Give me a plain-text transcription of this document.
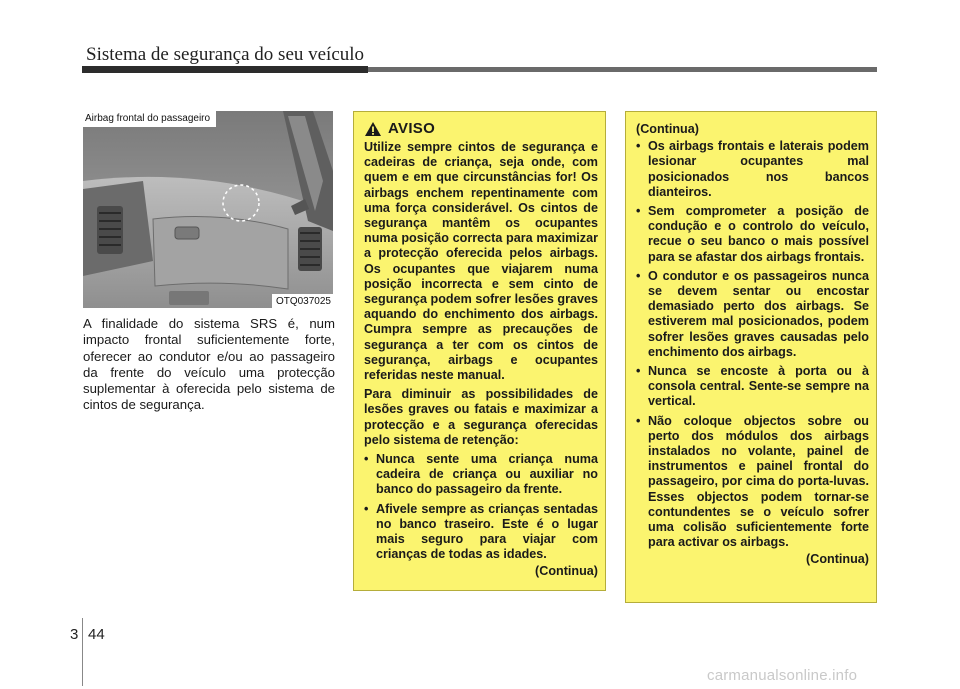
Sistema de segurança do seu veículo
Airbag frontal do passageiro
OTQ037025

A finalidade do sistema SRS é, num impacto frontal suficientemente forte, oferecer ao condutor e/ou ao passageiro da frente do veículo uma protecção suplementar à oferecida pelo sistema de cintos de segurança.

AVISO

Utilize sempre cintos de segurança e cadeiras de criança, seja onde, com quem e em que circunstâncias for! Os airbags enchem repentinamente com uma força considerável. Os cintos de segurança mantêm os ocupantes numa posição correcta para maximizar a protecção oferecida pelos airbags. Os ocupantes que viajarem numa posição incorrecta e sem cinto de segurança podem sofrer lesões graves aquando do enchimento dos airbags. Cumpra sempre as precauções de segurança a ter com os cintos de segurança, airbags e ocupantes referidas neste manual.

Para diminuir as possibilidades de lesões graves ou fatais e maximizar a protecção e a segurança oferecidas pelo sistema de retenção:

• Nunca sente uma criança numa cadeira de criança ou auxiliar no banco do passageiro da frente.
• Afivele sempre as crianças sentadas no banco traseiro. Este é o lugar mais seguro para viajar com crianças de todas as idades.
(Continua)
(Continua)
• Os airbags frontais e laterais podem lesionar ocupantes mal posicionados nos bancos dianteiros.
• Sem comprometer a posição de condução e o controlo do veículo, recue o seu banco o mais possível para se afastar dos airbags frontais.
• O condutor e os passageiros nunca se devem sentar ou encostar demasiado perto dos airbags. Se estiverem mal posicionados, podem sofrer lesões graves causadas pelo enchimento dos airbags.
• Nunca se encoste à porta ou à consola central. Sente-se sempre na vertical.
• Não coloque objectos sobre ou perto dos módulos dos airbags instalados no volante, painel de instrumentos e painel frontal do passageiro, por cima do porta-luvas. Esses objectos podem tornar-se contundentes se o veículo sofrer uma colisão suficientemente forte para activar os airbags.
(Continua)
3 44
carmanualsonline.info
